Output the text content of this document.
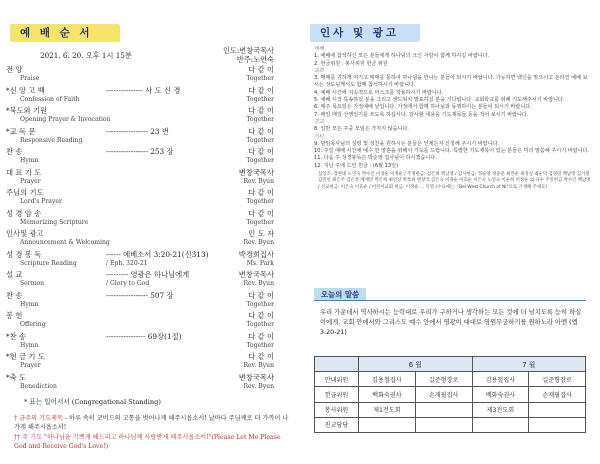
예 배 순 서
2021. 6. 20. 오후 1시 15분
인도:변창국목사
반주:노연숙
전 양	다 같 이
Praise	Together
*신 앙 고 백	--------------- 사 도 신 경	다 같 이
Confession of Faith	Together
*묵도와 기원	다 같 이
Opening Prayer & Invocation	Together
*교 독 문	----------------- 23 번	다 같 이
Responsive Reading	Together
찬 송	----------------- 253 장	다 같 이
Hymn	Together
대 표 기 도	변창국목사
Prayer	Rev. Byun
주님의 기도	다 같 이
Lord's Prayer	Together
성 경 암 송	다 같 이
Memorizing Scripture	Together
인사및 광고	인 도 자
Announcement & Welcoming	Rev. Byun
성 경 봉 독	------ 에베소서 3:20-21(신313)	박경희집사
Scripture Reading	/ Eph. 320-21	Ms. Park
설 교	--------- 영광은 하나님에게	변창국목사
Sermon	/ Glory to God	Rev. Byun
찬 송	----------------- 507 장	다 같 이
Hymn	Together
봉 헌	다 같 이
Offering	Together
*찬 송	---------------- 69장(1절)	다 같 이
Hymn	Together
*헌 금 기 도	다 같 이
Prayer	Rev. Byun
*축 도	변창국목사
Benediction	Rev. Byun
* 표는 일어서서 (Congregational Standing)
† 금주의 기도제목 - 하루 속히 코비드의 고통을 벗어나게 해주시옵소서! 날마다 주님께로 더 가까이 나가게 해주시옵소서!
†† 주 기도 "하나님을 기쁘게 해드리고 하나님께 사랑받게 해주시옵소서!"(Please Let Me Please God and Receive God's Love!)
인사 및 광고
예배
1. 예배에 참석하신 모든 분들에게 하나님의 크신 사랑이 함께 하시길 바랍니다.
2. 헌금위원 : 봉사위원 헌금 위원
교회
3. 매매를 귀하게 여기고 매매를 통하여 하나님을 만나는 분들이 되시기 바랍니다. 가능하면 백신을 맞으시고 온라인 예배 보시는 성도님께서도 함께 참석하시기 바랍니다.
4. 예배 시간에 지속적으로 마스크를 착용하시기 바랍니다.
5. 예배 시작 특송하실 분을 그리고 샌드위치 발표하실 분을 기다립니다. 교회학교를 위해 기도해주시기 바랍니다.
6. 매주 목요일은 가정예배 날입니다. 가정에서 함께 하나님과 동행하시는 분들이 되시기 바랍니다.
7. 매일 매일 산행일기를 쓰도록 하십시다. 감사할 내용을 기도제목들 등을 적어 보시기 바랍니다.
친교
8. 일반 모든 주중 모임은 가지지 않습니다.
기타
9. 담임목사님의 설령 및 성찬을 원하시는 분들은 언제든지 신청해 주시기 바랍니다.
10. 주일 예배 시간에 예수 한 영혼을 위해서 기도를 드립니다. 특별한 기도제목이 있는 분들은 미리 말씀해 주시기 바랍니다.
11. 다음 주 성경봉독은 박순영 집사님이 하시겠습니다.
12. 지난 주에 드린 헌금 : (6월 13일)
십일조: 장한대 노연숙 박수인 이경순 이정순 / 주정헌금: 김은희 백남영 / 감사헌금: 정순영 정송준 최민순 최정실 최순덕 김경민 백남영 김기철 김민선 최은주 김은옥 배재빈 박은희 최인상 박옥희 변창국 김은숙 이경순 이효순 이은숙 노연숙 이순희 이정순 외 다수 주일헌금 박수인 백남영 / 선교헌금: 이은숙 이효순 / 어린이교회 헌금: 이정순 ... 익명 (수표에는: "Bel West Church of Ni"으로 기재해 주세요)
오늘의 말씀
우리 가운데서 역사하시는 능력대로 우리가 구하거나 생각하는 모든 것에 더 넘치도록 능히 하실 이에게, 교회 안에서와 그리스도 예수 안에서 영광이 대대로 영원무궁하기를 원하노라 아멘 (엡3:20-21)
	6 월		7 월	
안내위원	김용철집사	길준형장로	김용철집사	길준형장로
헌금위원	백화숙권사	손재필집사	백화숙권사	손재필집사
봉사위원	제1전도회		제3전도회	
친교담당				
